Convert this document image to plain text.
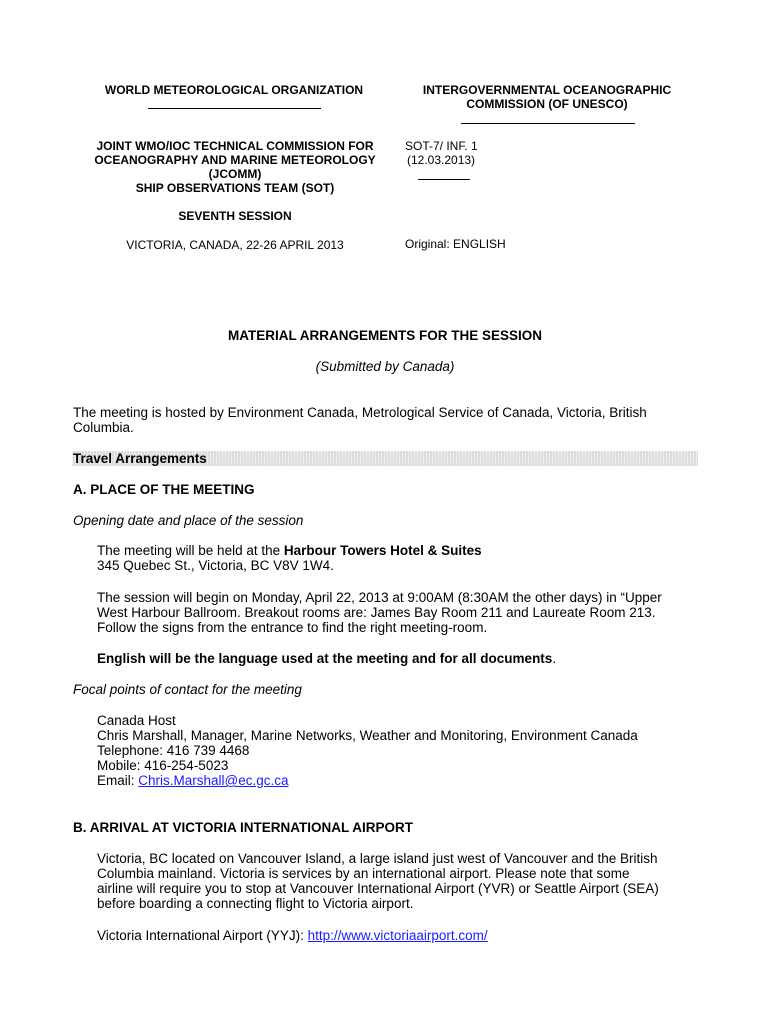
WORLD METEOROLOGICAL ORGANIZATION	INTERGOVERNMENTAL OCEANOGRAPHIC
COMMISSION (OF UNESCO)
JOINT WMO/IOC TECHNICAL COMMISSION FOR
OCEANOGRAPHY AND MARINE METEOROLOGY
(JCOMM)
SHIP OBSERVATIONS TEAM (SOT)
SOT-7/ INF. 1
(12.03.2013)
SEVENTH SESSION
VICTORIA, CANADA, 22-26 APRIL 2013	Original: ENGLISH
MATERIAL ARRANGEMENTS FOR THE SESSION
(Submitted by Canada)
The meeting is hosted by Environment Canada, Metrological Service of Canada, Victoria, British
Columbia.
Travel Arrangements
A. PLACE OF THE MEETING
Opening date and place of the session
The meeting will be held at the Harbour Towers Hotel & Suites
345 Quebec St., Victoria, BC V8V 1W4.
The session will begin on Monday, April 22, 2013 at 9:00AM (8:30AM the other days) in “Upper
West Harbour Ballroom. Breakout rooms are: James Bay Room 211 and Laureate Room 213.
Follow the signs from the entrance to find the right meeting-room.
English will be the language used at the meeting and for all documents.
Focal points of contact for the meeting
Canada Host
Chris Marshall, Manager, Marine Networks, Weather and Monitoring, Environment Canada
Telephone: 416 739 4468
Mobile: 416-254-5023
Email: Chris.Marshall@ec.gc.ca
B. ARRIVAL AT VICTORIA INTERNATIONAL AIRPORT
Victoria, BC located on Vancouver Island, a large island just west of Vancouver and the British
Columbia mainland. Victoria is services by an international airport. Please note that some
airline will require you to stop at Vancouver International Airport (YVR) or Seattle Airport (SEA)
before boarding a connecting flight to Victoria airport.
Victoria International Airport (YYJ): http://www.victoriaairport.com/
